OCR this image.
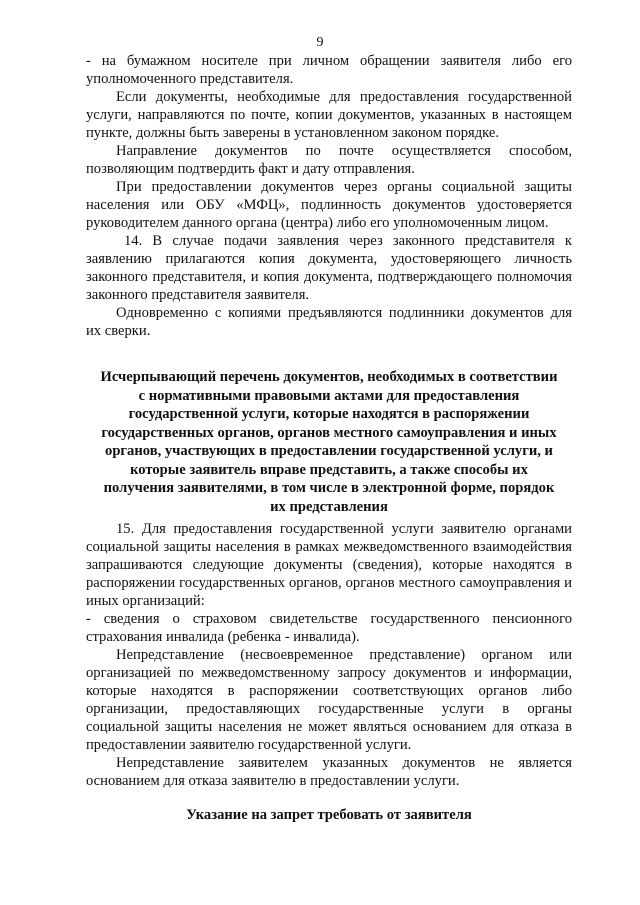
9

- на бумажном носителе при личном обращении заявителя либо его уполномоченного представителя.

Если документы, необходимые для предоставления государственной услуги, направляются по почте, копии документов, указанных в настоящем пункте, должны быть заверены в установленном законом порядке.

Направление документов по почте осуществляется способом, позволяющим подтвердить факт и дату отправления.

При предоставлении документов через органы социальной защиты населения или ОБУ «МФЦ», подлинность документов удостоверяется руководителем данного органа (центра) либо его уполномоченным лицом.

14. В случае подачи заявления через законного представителя к заявлению прилагаются копия документа, удостоверяющего личность законного представителя, и копия документа, подтверждающего полномочия законного представителя заявителя.

Одновременно с копиями предъявляются подлинники документов для их сверки.

Исчерпывающий перечень документов, необходимых в соответствии с нормативными правовыми актами для предоставления государственной услуги, которые находятся в распоряжении государственных органов, органов местного самоуправления и иных органов, участвующих в предоставлении государственной услуги, и которые заявитель вправе представить, а также способы их получения заявителями, в том числе в электронной форме, порядок их представления

15. Для предоставления государственной услуги заявителю органами социальной защиты населения в рамках межведомственного взаимодействия запрашиваются следующие документы (сведения), которые находятся в распоряжении государственных органов, органов местного самоуправления и иных организаций:

- сведения о страховом свидетельстве государственного пенсионного страхования инвалида (ребенка - инвалида).

Непредставление (несвоевременное представление) органом или организацией по межведомственному запросу документов и информации, которые находятся в распоряжении соответствующих органов либо организации, предоставляющих государственные услуги в органы социальной защиты населения не может являться основанием для отказа в предоставлении заявителю государственной услуги.

Непредставление заявителем указанных документов не является основанием для отказа заявителю в предоставлении услуги.

Указание на запрет требовать от заявителя
